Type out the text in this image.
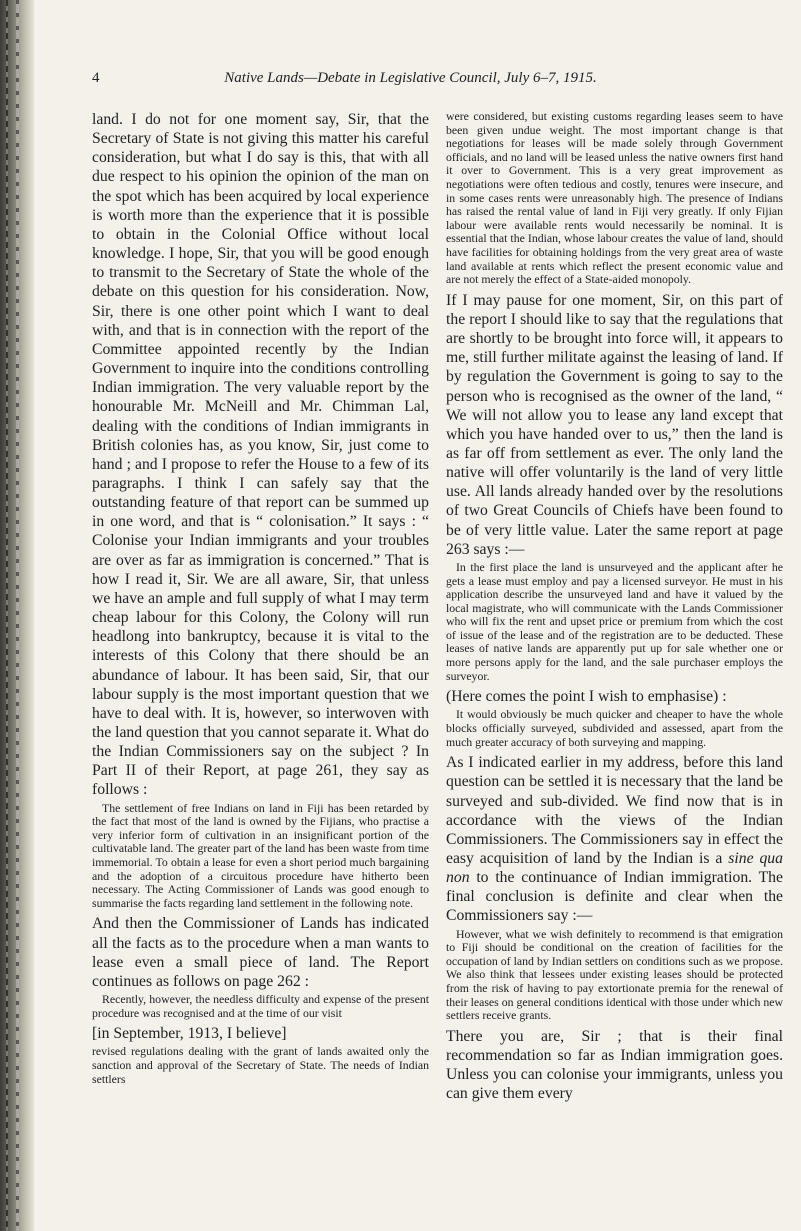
4	Native Lands—Debate in Legislative Council, July 6–7, 1915.

land. I do not for one moment say, Sir, that the Secretary of State is not giving this matter his careful consideration, but what I do say is this, that with all due respect to his opinion the opinion of the man on the spot which has been acquired by local experience is worth more than the experience that it is possible to obtain in the Colonial Office without local knowledge. I hope, Sir, that you will be good enough to transmit to the Secretary of State the whole of the debate on this question for his consideration. Now, Sir, there is one other point which I want to deal with, and that is in connection with the report of the Committee appointed recently by the Indian Government to inquire into the conditions controlling Indian immigration. The very valuable report by the honourable Mr. McNeill and Mr. Chimman Lal, dealing with the conditions of Indian immigrants in British colonies has, as you know, Sir, just come to hand ; and I propose to refer the House to a few of its paragraphs. I think I can safely say that the outstanding feature of that report can be summed up in one word, and that is “ colonisation.” It says : “ Colonise your Indian immigrants and your troubles are over as far as immigration is concerned.” That is how I read it, Sir. We are all aware, Sir, that unless we have an ample and full supply of what I may term cheap labour for this Colony, the Colony will run headlong into bankruptcy, because it is vital to the interests of this Colony that there should be an abundance of labour. It has been said, Sir, that our labour supply is the most important question that we have to deal with. It is, however, so interwoven with the land question that you cannot separate it. What do the Indian Commissioners say on the subject ? In Part II of their Report, at page 261, they say as follows :

The settlement of free Indians on land in Fiji has been retarded by the fact that most of the land is owned by the Fijians, who practise a very inferior form of cultivation in an insignificant portion of the cultivatable land. The greater part of the land has been waste from time immemorial. To obtain a lease for even a short period much bargaining and the adoption of a circuitous procedure have hitherto been necessary. The Acting Commissioner of Lands was good enough to summarise the facts regarding land settlement in the following note.

And then the Commissioner of Lands has indicated all the facts as to the procedure when a man wants to lease even a small piece of land. The Report continues as follows on page 262 :

Recently, however, the needless difficulty and expense of the present procedure was recognised and at the time of our visit

[in September, 1913, I believe]

revised regulations dealing with the grant of lands awaited only the sanction and approval of the Secretary of State. The needs of Indian settlers

were considered, but existing customs regarding leases seem to have been given undue weight. The most important change is that negotiations for leases will be made solely through Government officials, and no land will be leased unless the native owners first hand it over to Government. This is a very great improvement as negotiations were often tedious and costly, tenures were insecure, and in some cases rents were unreasonably high. The presence of Indians has raised the rental value of land in Fiji very greatly. If only Fijian labour were available rents would necessarily be nominal. It is essential that the Indian, whose labour creates the value of land, should have facilities for obtaining holdings from the very great area of waste land available at rents which reflect the present economic value and are not merely the effect of a State-aided monopoly.

If I may pause for one moment, Sir, on this part of the report I should like to say that the regulations that are shortly to be brought into force will, it appears to me, still further militate against the leasing of land. If by regulation the Government is going to say to the person who is recognised as the owner of the land, “ We will not allow you to lease any land except that which you have handed over to us,” then the land is as far off from settlement as ever. The only land the native will offer voluntarily is the land of very little use. All lands already handed over by the resolutions of two Great Councils of Chiefs have been found to be of very little value. Later the same report at page 263 says :—

In the first place the land is unsurveyed and the applicant after he gets a lease must employ and pay a licensed surveyor. He must in his application describe the unsurveyed land and have it valued by the local magistrate, who will communicate with the Lands Commissioner who will fix the rent and upset price or premium from which the cost of issue of the lease and of the registration are to be deducted. These leases of native lands are apparently put up for sale whether one or more persons apply for the land, and the sale purchaser employs the surveyor.

(Here comes the point I wish to emphasise) :

It would obviously be much quicker and cheaper to have the whole blocks officially surveyed, subdivided and assessed, apart from the much greater accuracy of both surveying and mapping.

As I indicated earlier in my address, before this land question can be settled it is necessary that the land be surveyed and sub-divided. We find now that is in accordance with the views of the Indian Commissioners. The Commissioners say in effect the easy acquisition of land by the Indian is a sine qua non to the continuance of Indian immigration. The final conclusion is definite and clear when the Commissioners say :—

However, what we wish definitely to recommend is that emigration to Fiji should be conditional on the creation of facilities for the occupation of land by Indian settlers on conditions such as we propose. We also think that lessees under existing leases should be protected from the risk of having to pay extortionate premia for the renewal of their leases on general conditions identical with those under which new settlers receive grants.

There you are, Sir ; that is their final recommendation so far as Indian immigration goes. Unless you can colonise your immigrants, unless you can give them every
